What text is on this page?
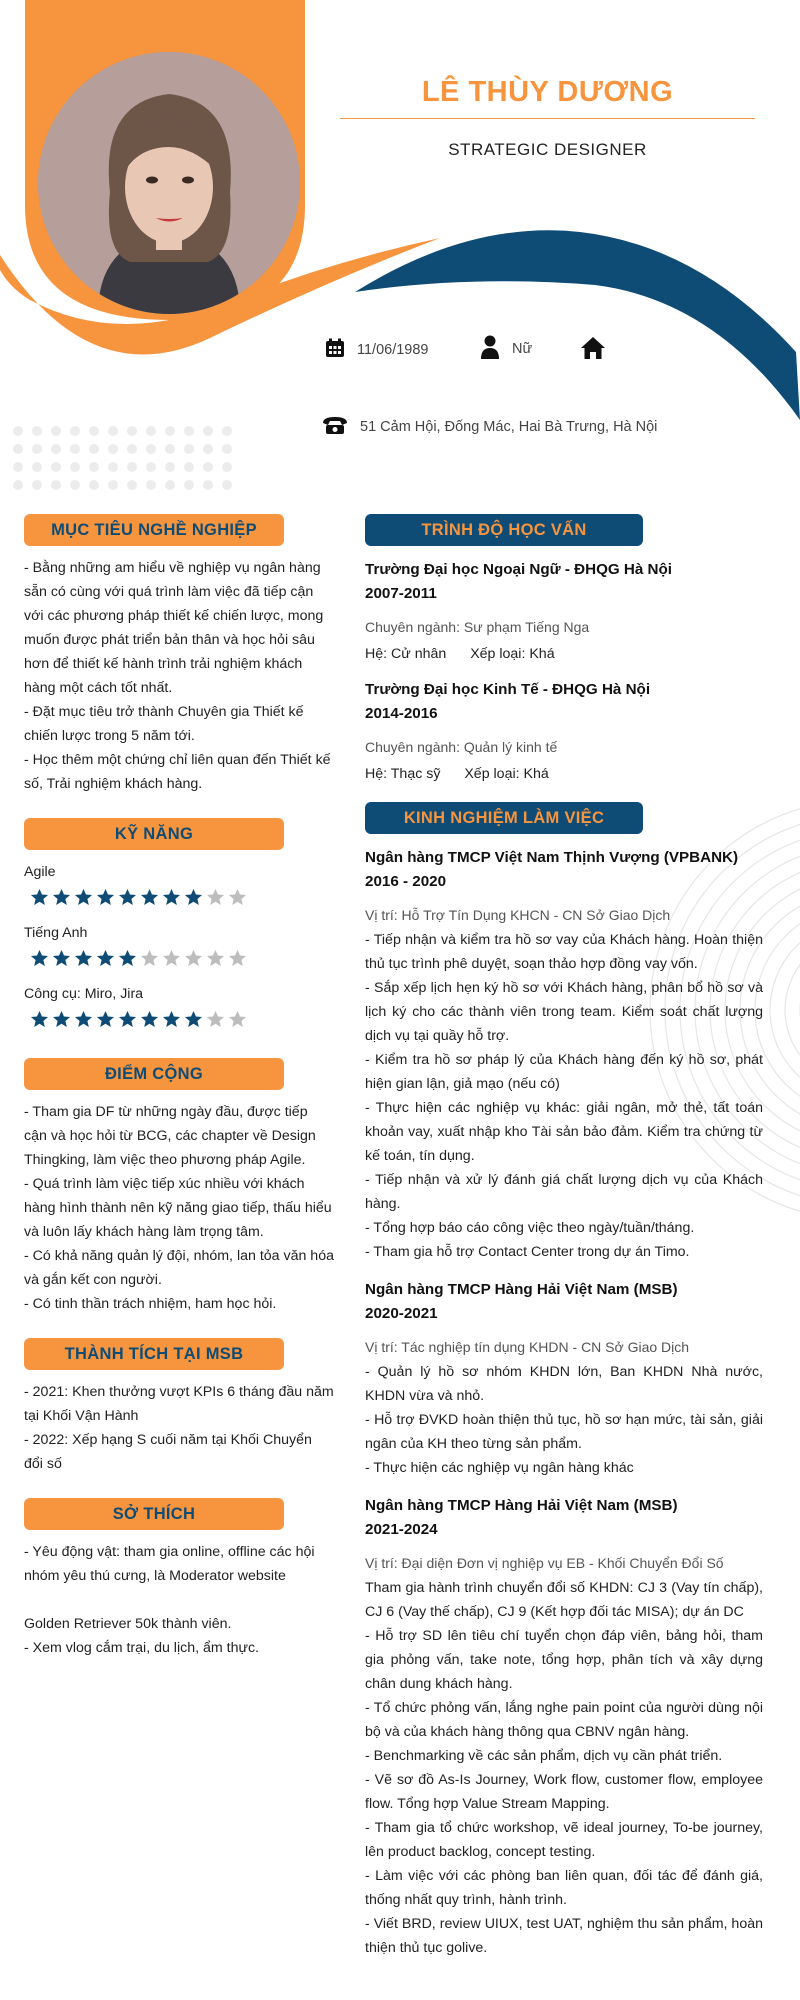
LÊ THÙY DƯƠNG
STRATEGIC DESIGNER
11/06/1989	Nữ
51 Cảm Hội, Đống Mác, Hai Bà Trưng, Hà Nội
MỤC TIÊU NGHỀ NGHIỆP

- Bằng những am hiểu về nghiệp vụ ngân hàng sẵn có cùng với quá trình làm việc đã tiếp cận với các phương pháp thiết kế chiến lược, mong muốn được phát triển bản thân và học hỏi sâu hơn để thiết kế hành trình trải nghiệm khách hàng một cách tốt nhất.

- Đặt mục tiêu trở thành Chuyên gia Thiết kế chiến lược trong 5 năm tới.

- Học thêm một chứng chỉ liên quan đến Thiết kế số, Trải nghiệm khách hàng.

KỸ NĂNG
Agile
Tiếng Anh
Công cụ: Miro, Jira
ĐIỂM CỘNG

- Tham gia DF từ những ngày đầu, được tiếp cận và học hỏi từ BCG, các chapter về Design Thingking, làm việc theo phương pháp Agile.

- Quá trình làm việc tiếp xúc nhiều với khách hàng hình thành nên kỹ năng giao tiếp, thấu hiểu và luôn lấy khách hàng làm trọng tâm.

- Có khả năng quản lý đội, nhóm, lan tỏa văn hóa và gắn kết con người.

- Có tinh thần trách nhiệm, ham học hỏi.

THÀNH TÍCH TẠI MSB

- 2021: Khen thưởng vượt KPIs 6 tháng đầu năm tại Khối Vận Hành

- 2022: Xếp hạng S cuối năm tại Khối Chuyển đổi số

SỞ THÍCH

- Yêu động vật: tham gia online, offline các hội nhóm yêu thú cưng, là Moderator website

Golden Retriever 50k thành viên.

- Xem vlog cắm trại, du lịch, ẩm thực.

TRÌNH ĐỘ HỌC VẤN
Trường Đại học Ngoại Ngữ - ĐHQG Hà Nội
2007-2011
Chuyên ngành: Sư phạm Tiếng Nga
Hệ: Cử nhân Xếp loại: Khá
Trường Đại học Kinh Tế - ĐHQG Hà Nội
2014-2016
Chuyên ngành: Quản lý kinh tế
Hệ: Thạc sỹ Xếp loại: Khá
KINH NGHIỆM LÀM VIỆC
Ngân hàng TMCP Việt Nam Thịnh Vượng (VPBANK)
2016 - 2020
Vị trí: Hỗ Trợ Tín Dụng KHCN - CN Sở Giao Dịch

- Tiếp nhận và kiểm tra hồ sơ vay của Khách hàng. Hoàn thiện thủ tục trình phê duyệt, soạn thảo hợp đồng vay vốn.

- Sắp xếp lịch hẹn ký hồ sơ với Khách hàng, phân bổ hồ sơ và lịch ký cho các thành viên trong team. Kiểm soát chất lượng dịch vụ tại quầy hỗ trợ.

- Kiểm tra hồ sơ pháp lý của Khách hàng đến ký hồ sơ, phát hiện gian lận, giả mạo (nếu có)

- Thực hiện các nghiệp vụ khác: giải ngân, mở thẻ, tất toán khoản vay, xuất nhập kho Tài sản bảo đảm. Kiểm tra chứng từ kế toán, tín dụng.

- Tiếp nhận và xử lý đánh giá chất lượng dịch vụ của Khách hàng.

- Tổng hợp báo cáo công việc theo ngày/tuần/tháng.

- Tham gia hỗ trợ Contact Center trong dự án Timo.

Ngân hàng TMCP Hàng Hải Việt Nam (MSB)
2020-2021
Vị trí: Tác nghiệp tín dụng KHDN - CN Sở Giao Dịch

- Quản lý hồ sơ nhóm KHDN lớn, Ban KHDN Nhà nước, KHDN vừa và nhỏ.

- Hỗ trợ ĐVKD hoàn thiện thủ tục, hồ sơ hạn mức, tài sản, giải ngân của KH theo từng sản phẩm.

- Thực hiện các nghiệp vụ ngân hàng khác

Ngân hàng TMCP Hàng Hải Việt Nam (MSB)
2021-2024
Vị trí: Đại diện Đơn vị nghiệp vụ EB - Khối Chuyển Đổi Số

Tham gia hành trình chuyển đổi số KHDN: CJ 3 (Vay tín chấp), CJ 6 (Vay thế chấp), CJ 9 (Kết hợp đối tác MISA); dự án DC

- Hỗ trợ SD lên tiêu chí tuyển chọn đáp viên, bảng hỏi, tham gia phỏng vấn, take note, tổng hợp, phân tích và xây dựng chân dung khách hàng.

- Tổ chức phỏng vấn, lắng nghe pain point của người dùng nội bộ và của khách hàng thông qua CBNV ngân hàng.

- Benchmarking về các sản phẩm, dịch vụ cần phát triển.

- Vẽ sơ đồ As-Is Journey, Work flow, customer flow, employee flow. Tổng hợp Value Stream Mapping.

- Tham gia tổ chức workshop, vẽ ideal journey, To-be journey, lên product backlog, concept testing.

- Làm việc với các phòng ban liên quan, đối tác để đánh giá, thống nhất quy trình, hành trình.

- Viết BRD, review UIUX, test UAT, nghiệm thu sản phẩm, hoàn thiện thủ tục golive.
